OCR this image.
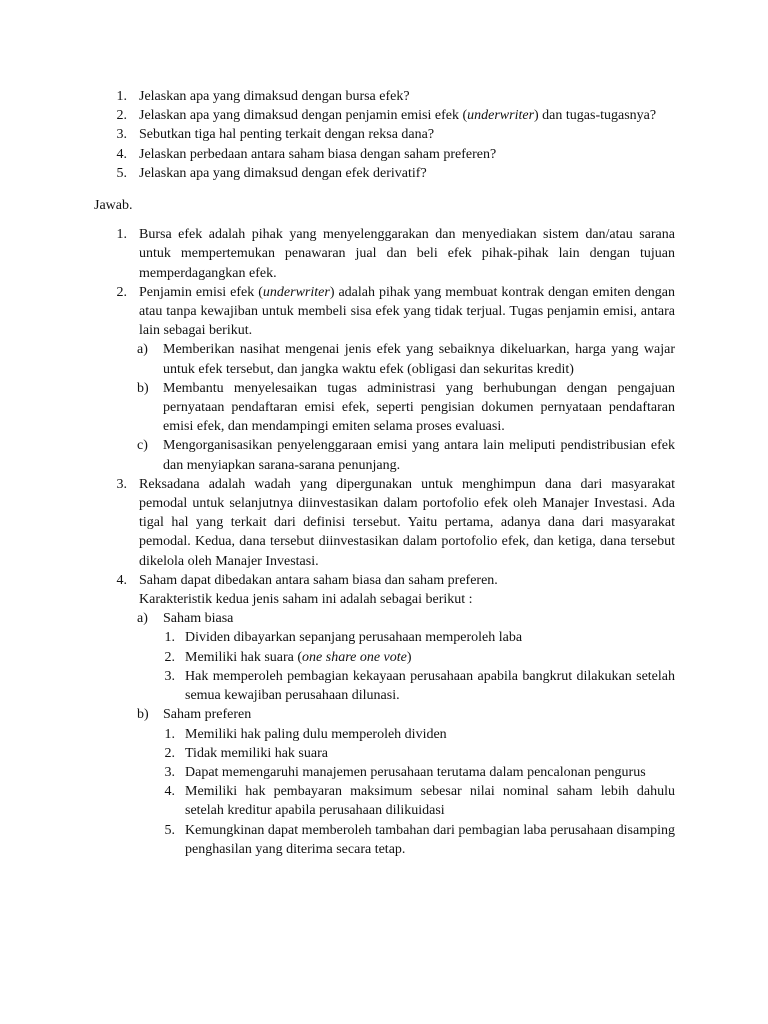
1. Jelaskan apa yang dimaksud dengan bursa efek?
2. Jelaskan apa yang dimaksud dengan penjamin emisi efek (underwriter) dan tugas-tugasnya?
3. Sebutkan tiga hal penting terkait dengan reksa dana?
4. Jelaskan perbedaan antara saham biasa dengan saham preferen?
5. Jelaskan apa yang dimaksud dengan efek derivatif?
Jawab.
1. Bursa efek adalah pihak yang menyelenggarakan dan menyediakan sistem dan/atau sarana untuk mempertemukan penawaran jual dan beli efek pihak-pihak lain dengan tujuan memperdagangkan efek.
2. Penjamin emisi efek (underwriter) adalah pihak yang membuat kontrak dengan emiten dengan atau tanpa kewajiban untuk membeli sisa efek yang tidak terjual. Tugas penjamin emisi, antara lain sebagai berikut.
a)	Memberikan nasihat mengenai jenis efek yang sebaiknya dikeluarkan, harga yang wajar untuk efek tersebut, dan jangka waktu efek (obligasi dan sekuritas kredit)
b)	Membantu menyelesaikan tugas administrasi yang berhubungan dengan pengajuan pernyataan pendaftaran emisi efek, seperti pengisian dokumen pernyataan pendaftaran emisi efek, dan mendampingi emiten selama proses evaluasi.
c)	Mengorganisasikan penyelenggaraan emisi yang antara lain meliputi pendistribusian efek dan menyiapkan sarana-sarana penunjang.
3. Reksadana adalah wadah yang dipergunakan untuk menghimpun dana dari masyarakat pemodal untuk selanjutnya diinvestasikan dalam portofolio efek oleh Manajer Investasi. Ada tigal hal yang terkait dari definisi tersebut. Yaitu pertama, adanya dana dari masyarakat pemodal. Kedua, dana tersebut diinvestasikan dalam portofolio efek, dan ketiga, dana tersebut dikelola oleh Manajer Investasi.
4. Saham dapat dibedakan antara saham biasa dan saham preferen.
Karakteristik kedua jenis saham ini adalah sebagai berikut :
a)	Saham biasa
1. Dividen dibayarkan sepanjang perusahaan memperoleh laba
2. Memiliki hak suara (one share one vote)
3. Hak memperoleh pembagian kekayaan perusahaan apabila bangkrut dilakukan setelah semua kewajiban perusahaan dilunasi.
b)	Saham preferen
1. Memiliki hak paling dulu memperoleh dividen
2. Tidak memiliki hak suara
3. Dapat memengaruhi manajemen perusahaan terutama dalam pencalonan pengurus
4. Memiliki hak pembayaran maksimum sebesar nilai nominal saham lebih dahulu setelah kreditur apabila perusahaan dilikuidasi
5. Kemungkinan dapat memberoleh tambahan dari pembagian laba perusahaan disamping penghasilan yang diterima secara tetap.
